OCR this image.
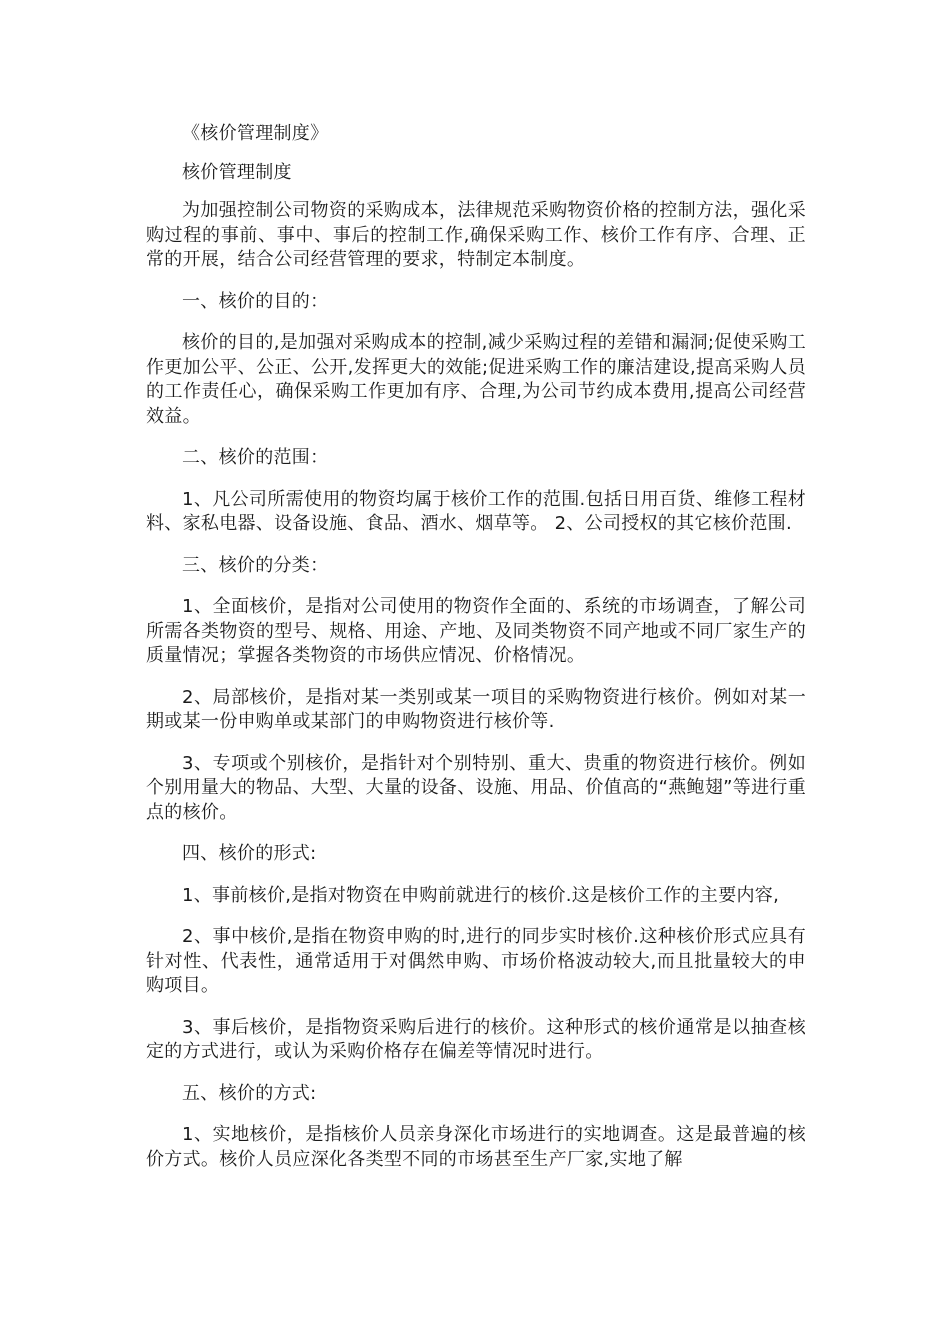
《核价管理制度》

核价管理制度

为加强控制公司物资的采购成本，法律规范采购物资价格的控制方法，强化采购过程的事前、事中、事后的控制工作,确保采购工作、核价工作有序、合理、正常的开展，结合公司经营管理的要求，特制定本制度。

一、核价的目的：

核价的目的,是加强对采购成本的控制,减少采购过程的差错和漏洞;促使采购工作更加公平、公正、公开,发挥更大的效能;促进采购工作的廉洁建设,提高采购人员的工作责任心，确保采购工作更加有序、合理,为公司节约成本费用,提高公司经营效益。

二、核价的范围：

1、凡公司所需使用的物资均属于核价工作的范围.包括日用百货、维修工程材料、家私电器、设备设施、食品、酒水、烟草等。 2、公司授权的其它核价范围.

三、核价的分类：

1、全面核价，是指对公司使用的物资作全面的、系统的市场调查，了解公司所需各类物资的型号、规格、用途、产地、及同类物资不同产地或不同厂家生产的质量情况；掌握各类物资的市场供应情况、价格情况。

2、局部核价，是指对某一类别或某一项目的采购物资进行核价。例如对某一期或某一份申购单或某部门的申购物资进行核价等.

3、专项或个别核价，是指针对个别特别、重大、贵重的物资进行核价。例如个别用量大的物品、大型、大量的设备、设施、用品、价值高的“燕鲍翅”等进行重点的核价。

四、核价的形式:

1、事前核价,是指对物资在申购前就进行的核价.这是核价工作的主要内容,

2、事中核价,是指在物资申购的时,进行的同步实时核价.这种核价形式应具有针对性、代表性，通常适用于对偶然申购、市场价格波动较大,而且批量较大的申购项目。

3、事后核价，是指物资采购后进行的核价。这种形式的核价通常是以抽查核定的方式进行，或认为采购价格存在偏差等情况时进行。

五、核价的方式:

1、实地核价，是指核价人员亲身深化市场进行的实地调查。这是最普遍的核价方式。核价人员应深化各类型不同的市场甚至生产厂家,实地了解
